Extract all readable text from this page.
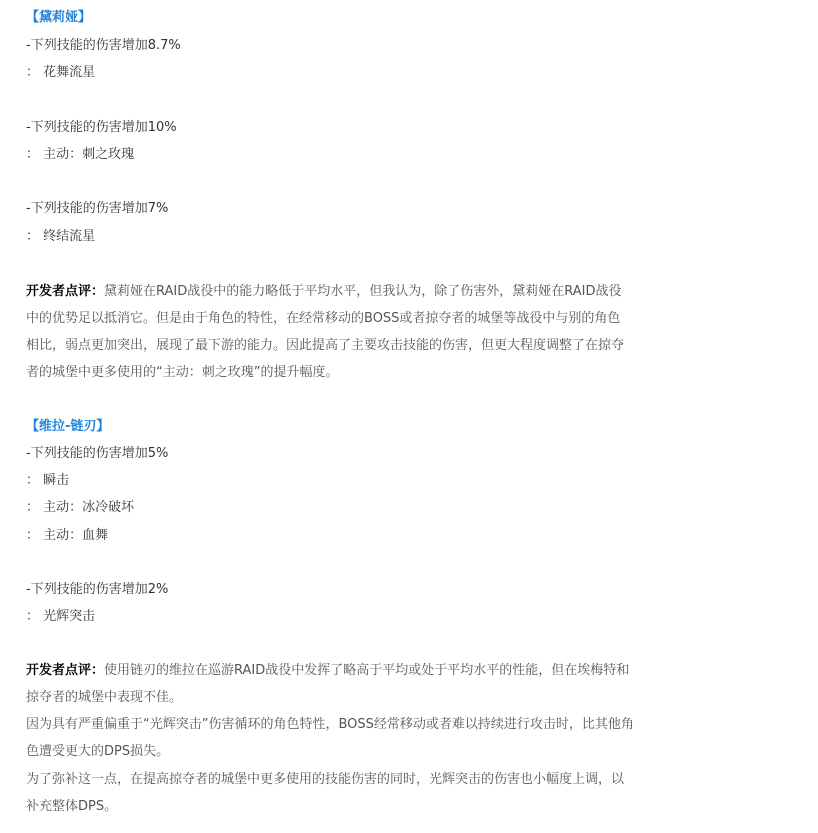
【黛莉娅】
-下列技能的伤害增加8.7%
： 花舞流星
-下列技能的伤害增加10%
： 主动：刺之玫瑰
-下列技能的伤害增加7%
： 终结流星
开发者点评：黛莉娅在RAID战役中的能力略低于平均水平，但我认为，除了伤害外，黛莉娅在RAID战役
中的优势足以抵消它。但是由于角色的特性，在经常移动的BOSS或者掠夺者的城堡等战役中与别的角色
相比，弱点更加突出，展现了最下游的能力。因此提高了主要攻击技能的伤害，但更大程度调整了在掠夺
者的城堡中更多使用的“主动：刺之玫瑰”的提升幅度。
【维拉-链刃】
-下列技能的伤害增加5%
： 瞬击
： 主动：冰冷破坏
： 主动：血舞
-下列技能的伤害增加2%
： 光辉突击
开发者点评：使用链刃的维拉在巡游RAID战役中发挥了略高于平均或处于平均水平的性能，但在埃梅特和
掠夺者的城堡中表现不佳。
因为具有严重偏重于“光辉突击”伤害循环的角色特性，BOSS经常移动或者难以持续进行攻击时，比其他角
色遭受更大的DPS损失。
为了弥补这一点，在提高掠夺者的城堡中更多使用的技能伤害的同时，光辉突击的伤害也小幅度上调，以
补充整体DPS。
